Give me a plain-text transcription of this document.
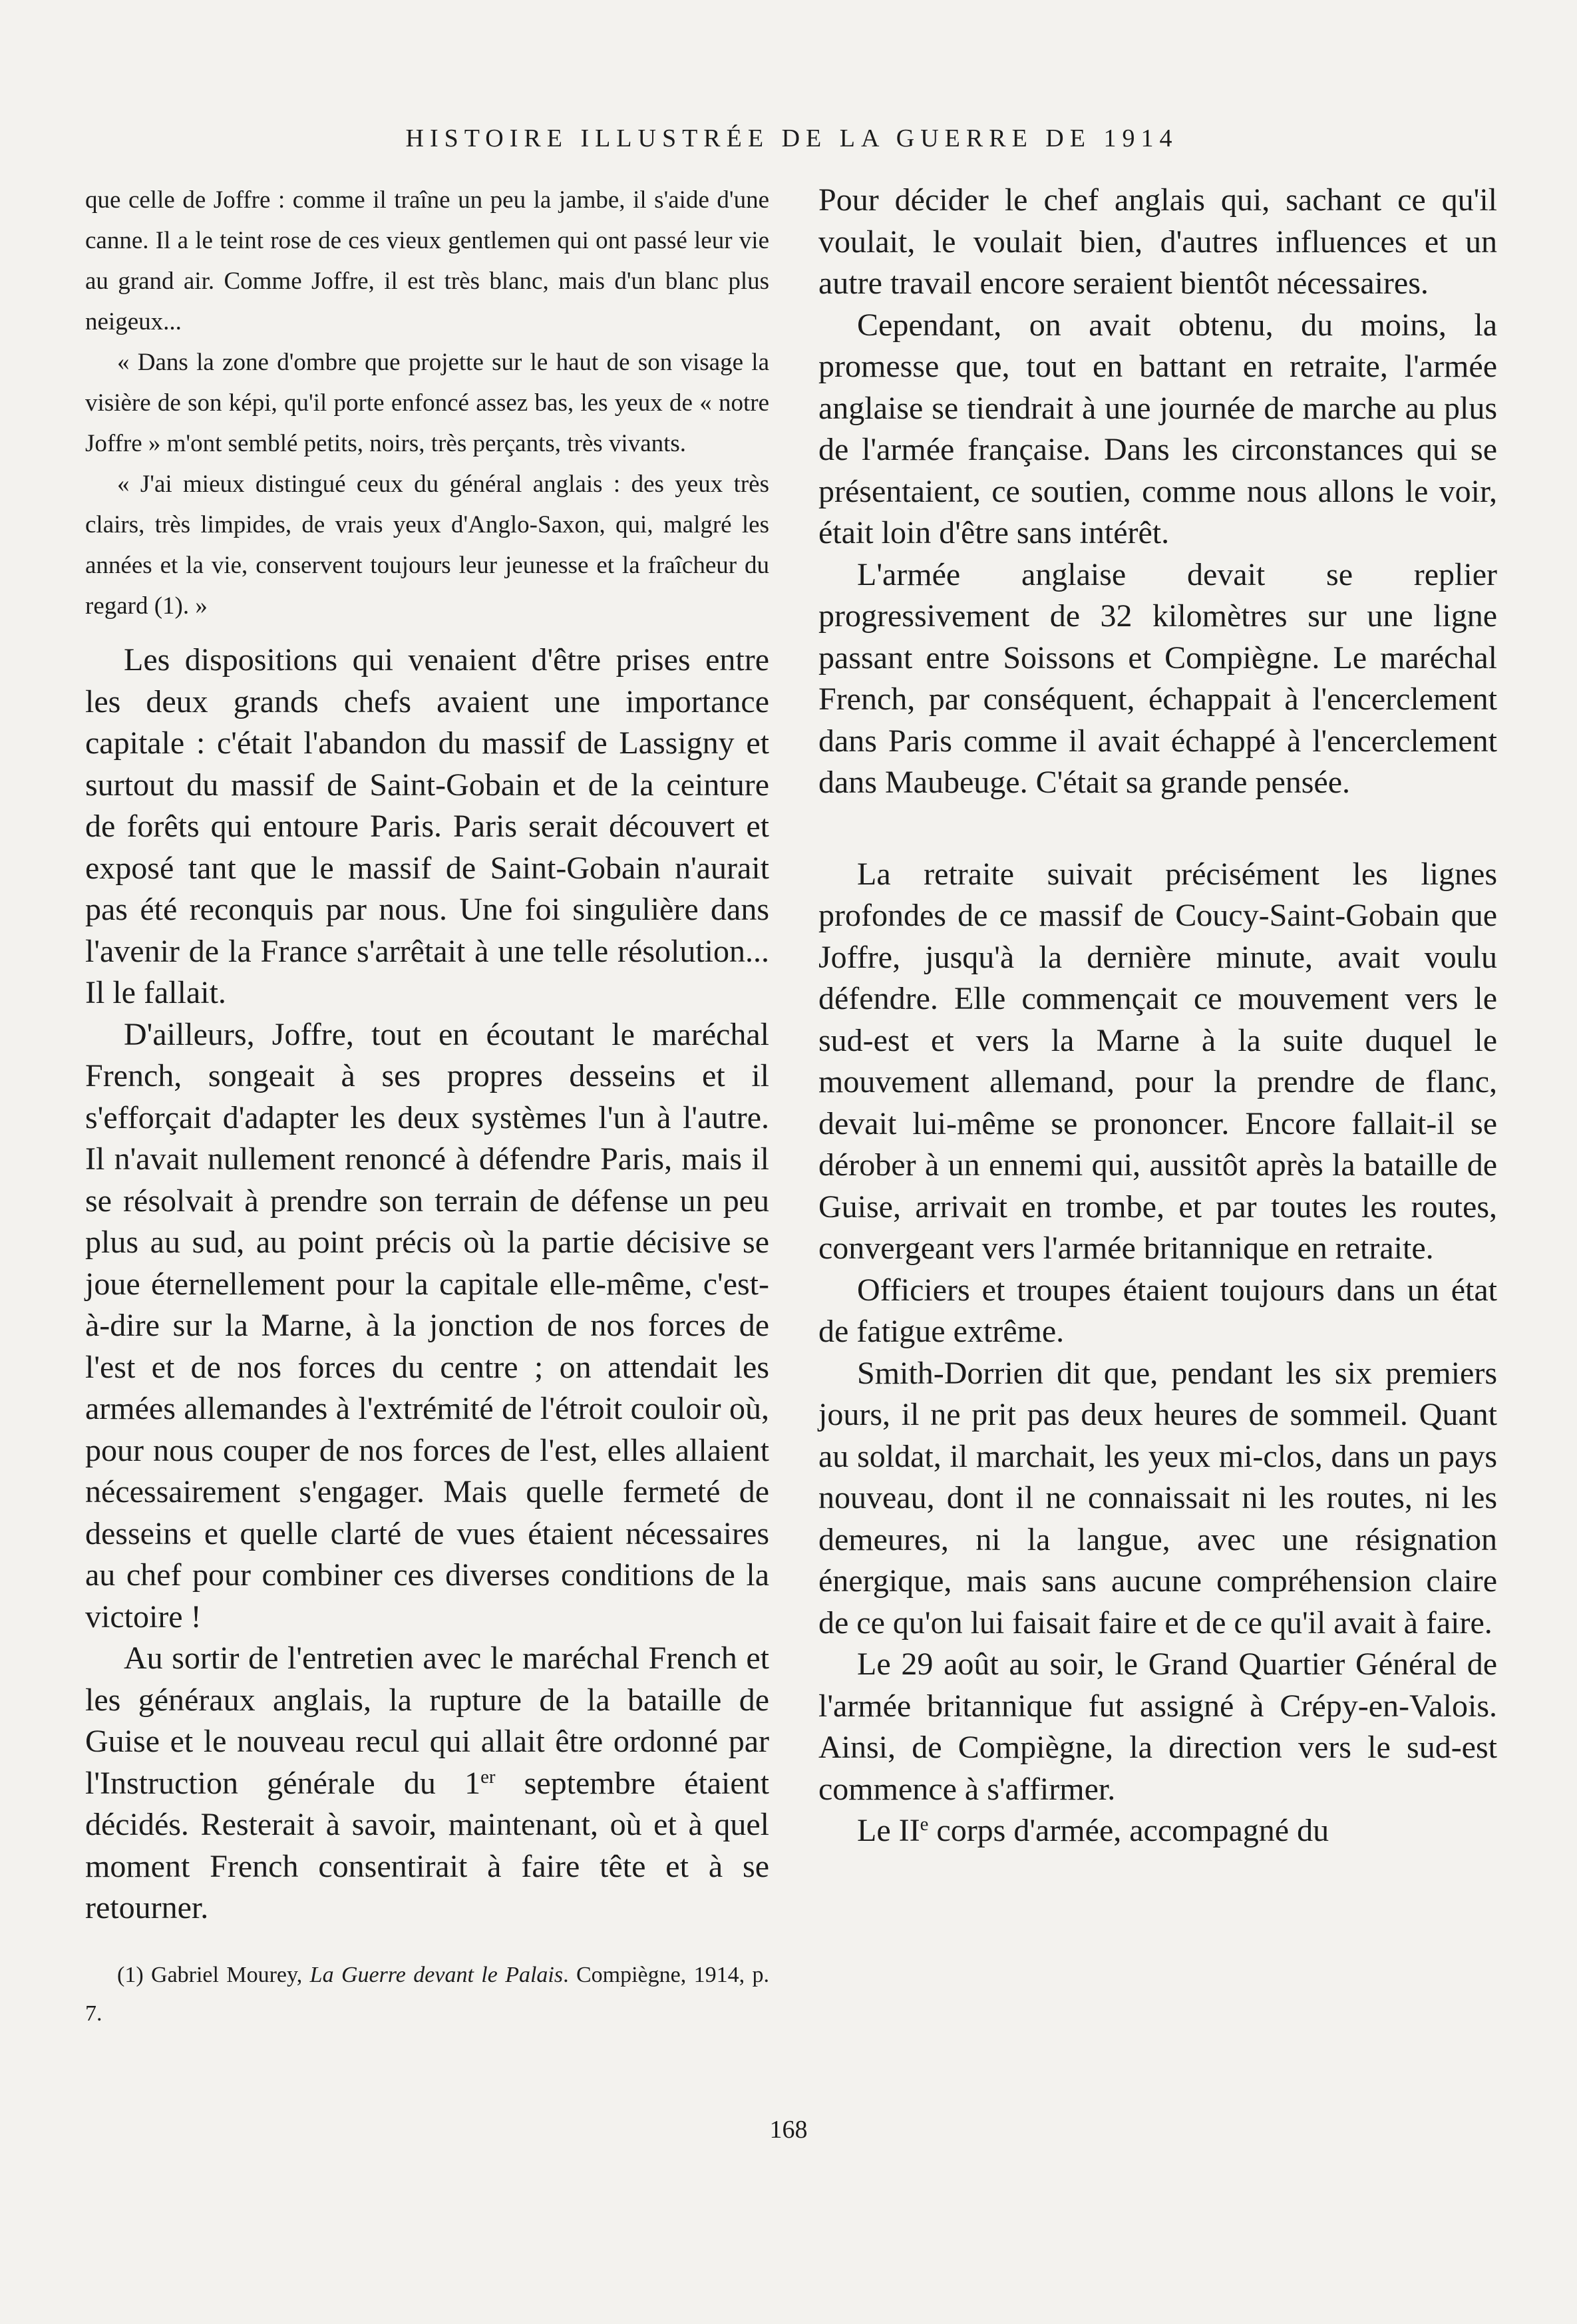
HISTOIRE ILLUSTRÉE DE LA GUERRE DE 1914

que celle de Joffre : comme il traîne un peu la jambe, il s'aide d'une canne. Il a le teint rose de ces vieux gentlemen qui ont passé leur vie au grand air. Comme Joffre, il est très blanc, mais d'un blanc plus neigeux...

« Dans la zone d'ombre que projette sur le haut de son visage la visière de son képi, qu'il porte enfoncé assez bas, les yeux de « notre Joffre » m'ont semblé petits, noirs, très perçants, très vivants.

« J'ai mieux distingué ceux du général anglais : des yeux très clairs, très limpides, de vrais yeux d'Anglo-Saxon, qui, malgré les années et la vie, conservent toujours leur jeunesse et la fraîcheur du regard (1). »

Les dispositions qui venaient d'être prises entre les deux grands chefs avaient une importance capitale : c'était l'abandon du massif de Lassigny et surtout du massif de Saint-Gobain et de la ceinture de forêts qui entoure Paris. Paris serait découvert et exposé tant que le massif de Saint-Gobain n'aurait pas été reconquis par nous. Une foi singulière dans l'avenir de la France s'arrêtait à une telle résolution... Il le fallait.

D'ailleurs, Joffre, tout en écoutant le maréchal French, songeait à ses propres desseins et il s'efforçait d'adapter les deux systèmes l'un à l'autre. Il n'avait nullement renoncé à défendre Paris, mais il se résolvait à prendre son terrain de défense un peu plus au sud, au point précis où la partie décisive se joue éternellement pour la capitale elle-même, c'est-à-dire sur la Marne, à la jonction de nos forces de l'est et de nos forces du centre ; on attendait les armées allemandes à l'extrémité de l'étroit couloir où, pour nous couper de nos forces de l'est, elles allaient nécessairement s'engager. Mais quelle fermeté de desseins et quelle clarté de vues étaient nécessaires au chef pour combiner ces diverses conditions de la victoire !

Au sortir de l'entretien avec le maréchal French et les généraux anglais, la rupture de la bataille de Guise et le nouveau recul qui allait être ordonné par l'Instruction générale du 1er septembre étaient décidés. Resterait à savoir, maintenant, où et à quel moment French consentirait à faire tête et à se retourner.

(1) Gabriel Mourey, La Guerre devant le Palais. Compiègne, 1914, p. 7.

Pour décider le chef anglais qui, sachant ce qu'il voulait, le voulait bien, d'autres influences et un autre travail encore seraient bientôt nécessaires.

Cependant, on avait obtenu, du moins, la promesse que, tout en battant en retraite, l'armée anglaise se tiendrait à une journée de marche au plus de l'armée française. Dans les circonstances qui se présentaient, ce soutien, comme nous allons le voir, était loin d'être sans intérêt.

L'armée anglaise devait se replier progressivement de 32 kilomètres sur une ligne passant entre Soissons et Compiègne. Le maréchal French, par conséquent, échappait à l'encerclement dans Paris comme il avait échappé à l'encerclement dans Maubeuge. C'était sa grande pensée.

La retraite suivait précisément les lignes profondes de ce massif de Coucy-Saint-Gobain que Joffre, jusqu'à la dernière minute, avait voulu défendre. Elle commençait ce mouvement vers le sud-est et vers la Marne à la suite duquel le mouvement allemand, pour la prendre de flanc, devait lui-même se prononcer. Encore fallait-il se dérober à un ennemi qui, aussitôt après la bataille de Guise, arrivait en trombe, et par toutes les routes, convergeant vers l'armée britannique en retraite.

Officiers et troupes étaient toujours dans un état de fatigue extrême.

Smith-Dorrien dit que, pendant les six premiers jours, il ne prit pas deux heures de sommeil. Quant au soldat, il marchait, les yeux mi-clos, dans un pays nouveau, dont il ne connaissait ni les routes, ni les demeures, ni la langue, avec une résignation énergique, mais sans aucune compréhension claire de ce qu'on lui faisait faire et de ce qu'il avait à faire.

Le 29 août au soir, le Grand Quartier Général de l'armée britannique fut assigné à Crépy-en-Valois. Ainsi, de Compiègne, la direction vers le sud-est commence à s'affirmer.

Le IIe corps d'armée, accompagné du

168
